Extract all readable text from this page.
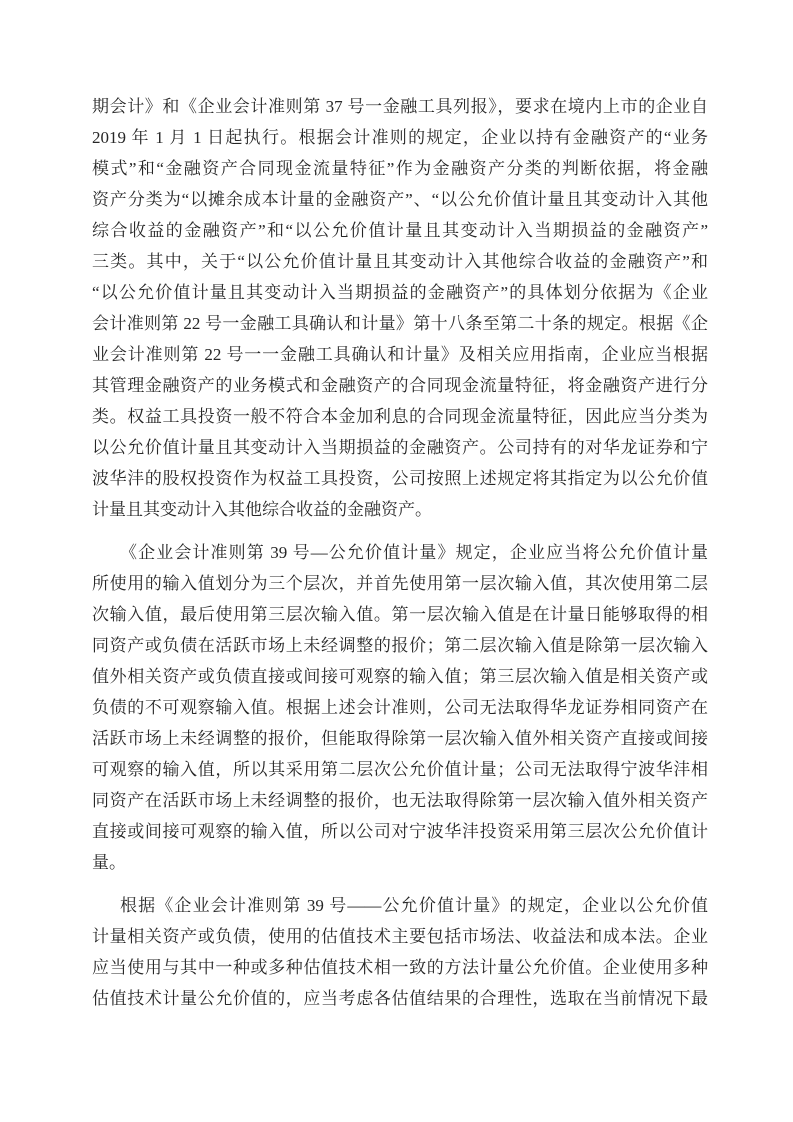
期会计》和《企业会计准则第 37 号一金融工具列报》，要求在境内上市的企业自
2019 年 1 月 1 日起执行。根据会计准则的规定，企业以持有金融资产的“业务
模式”和“金融资产合同现金流量特征”作为金融资产分类的判断依据，将金融
资产分类为“以摊余成本计量的金融资产”、“以公允价值计量且其变动计入其他
综合收益的金融资产”和“以公允价值计量且其变动计入当期损益的金融资产”
三类。其中，关于“以公允价值计量且其变动计入其他综合收益的金融资产”和
“以公允价值计量且其变动计入当期损益的金融资产”的具体划分依据为《企业
会计准则第 22 号一金融工具确认和计量》第十八条至第二十条的规定。根据《企
业会计准则第 22 号一一金融工具确认和计量》及相关应用指南，企业应当根据
其管理金融资产的业务模式和金融资产的合同现金流量特征，将金融资产进行分
类。权益工具投资一般不符合本金加利息的合同现金流量特征，因此应当分类为
以公允价值计量且其变动计入当期损益的金融资产。公司持有的对华龙证券和宁
波华沣的股权投资作为权益工具投资，公司按照上述规定将其指定为以公允价值
计量且其变动计入其他综合收益的金融资产。
《企业会计准则第 39 号—公允价值计量》规定，企业应当将公允价值计量
所使用的输入值划分为三个层次，并首先使用第一层次输入值，其次使用第二层
次输入值，最后使用第三层次输入值。第一层次输入值是在计量日能够取得的相
同资产或负债在活跃市场上未经调整的报价；第二层次输入值是除第一层次输入
值外相关资产或负债直接或间接可观察的输入值；第三层次输入值是相关资产或
负债的不可观察输入值。根据上述会计准则，公司无法取得华龙证券相同资产在
活跃市场上未经调整的报价，但能取得除第一层次输入值外相关资产直接或间接
可观察的输入值，所以其采用第二层次公允价值计量；公司无法取得宁波华沣相
同资产在活跃市场上未经调整的报价，也无法取得除第一层次输入值外相关资产
直接或间接可观察的输入值，所以公司对宁波华沣投资采用第三层次公允价值计
量。
根据《企业会计准则第 39 号——公允价值计量》的规定，企业以公允价值
计量相关资产或负债，使用的估值技术主要包括市场法、收益法和成本法。企业
应当使用与其中一种或多种估值技术相一致的方法计量公允价值。企业使用多种
估值技术计量公允价值的，应当考虑各估值结果的合理性，选取在当前情况下最
